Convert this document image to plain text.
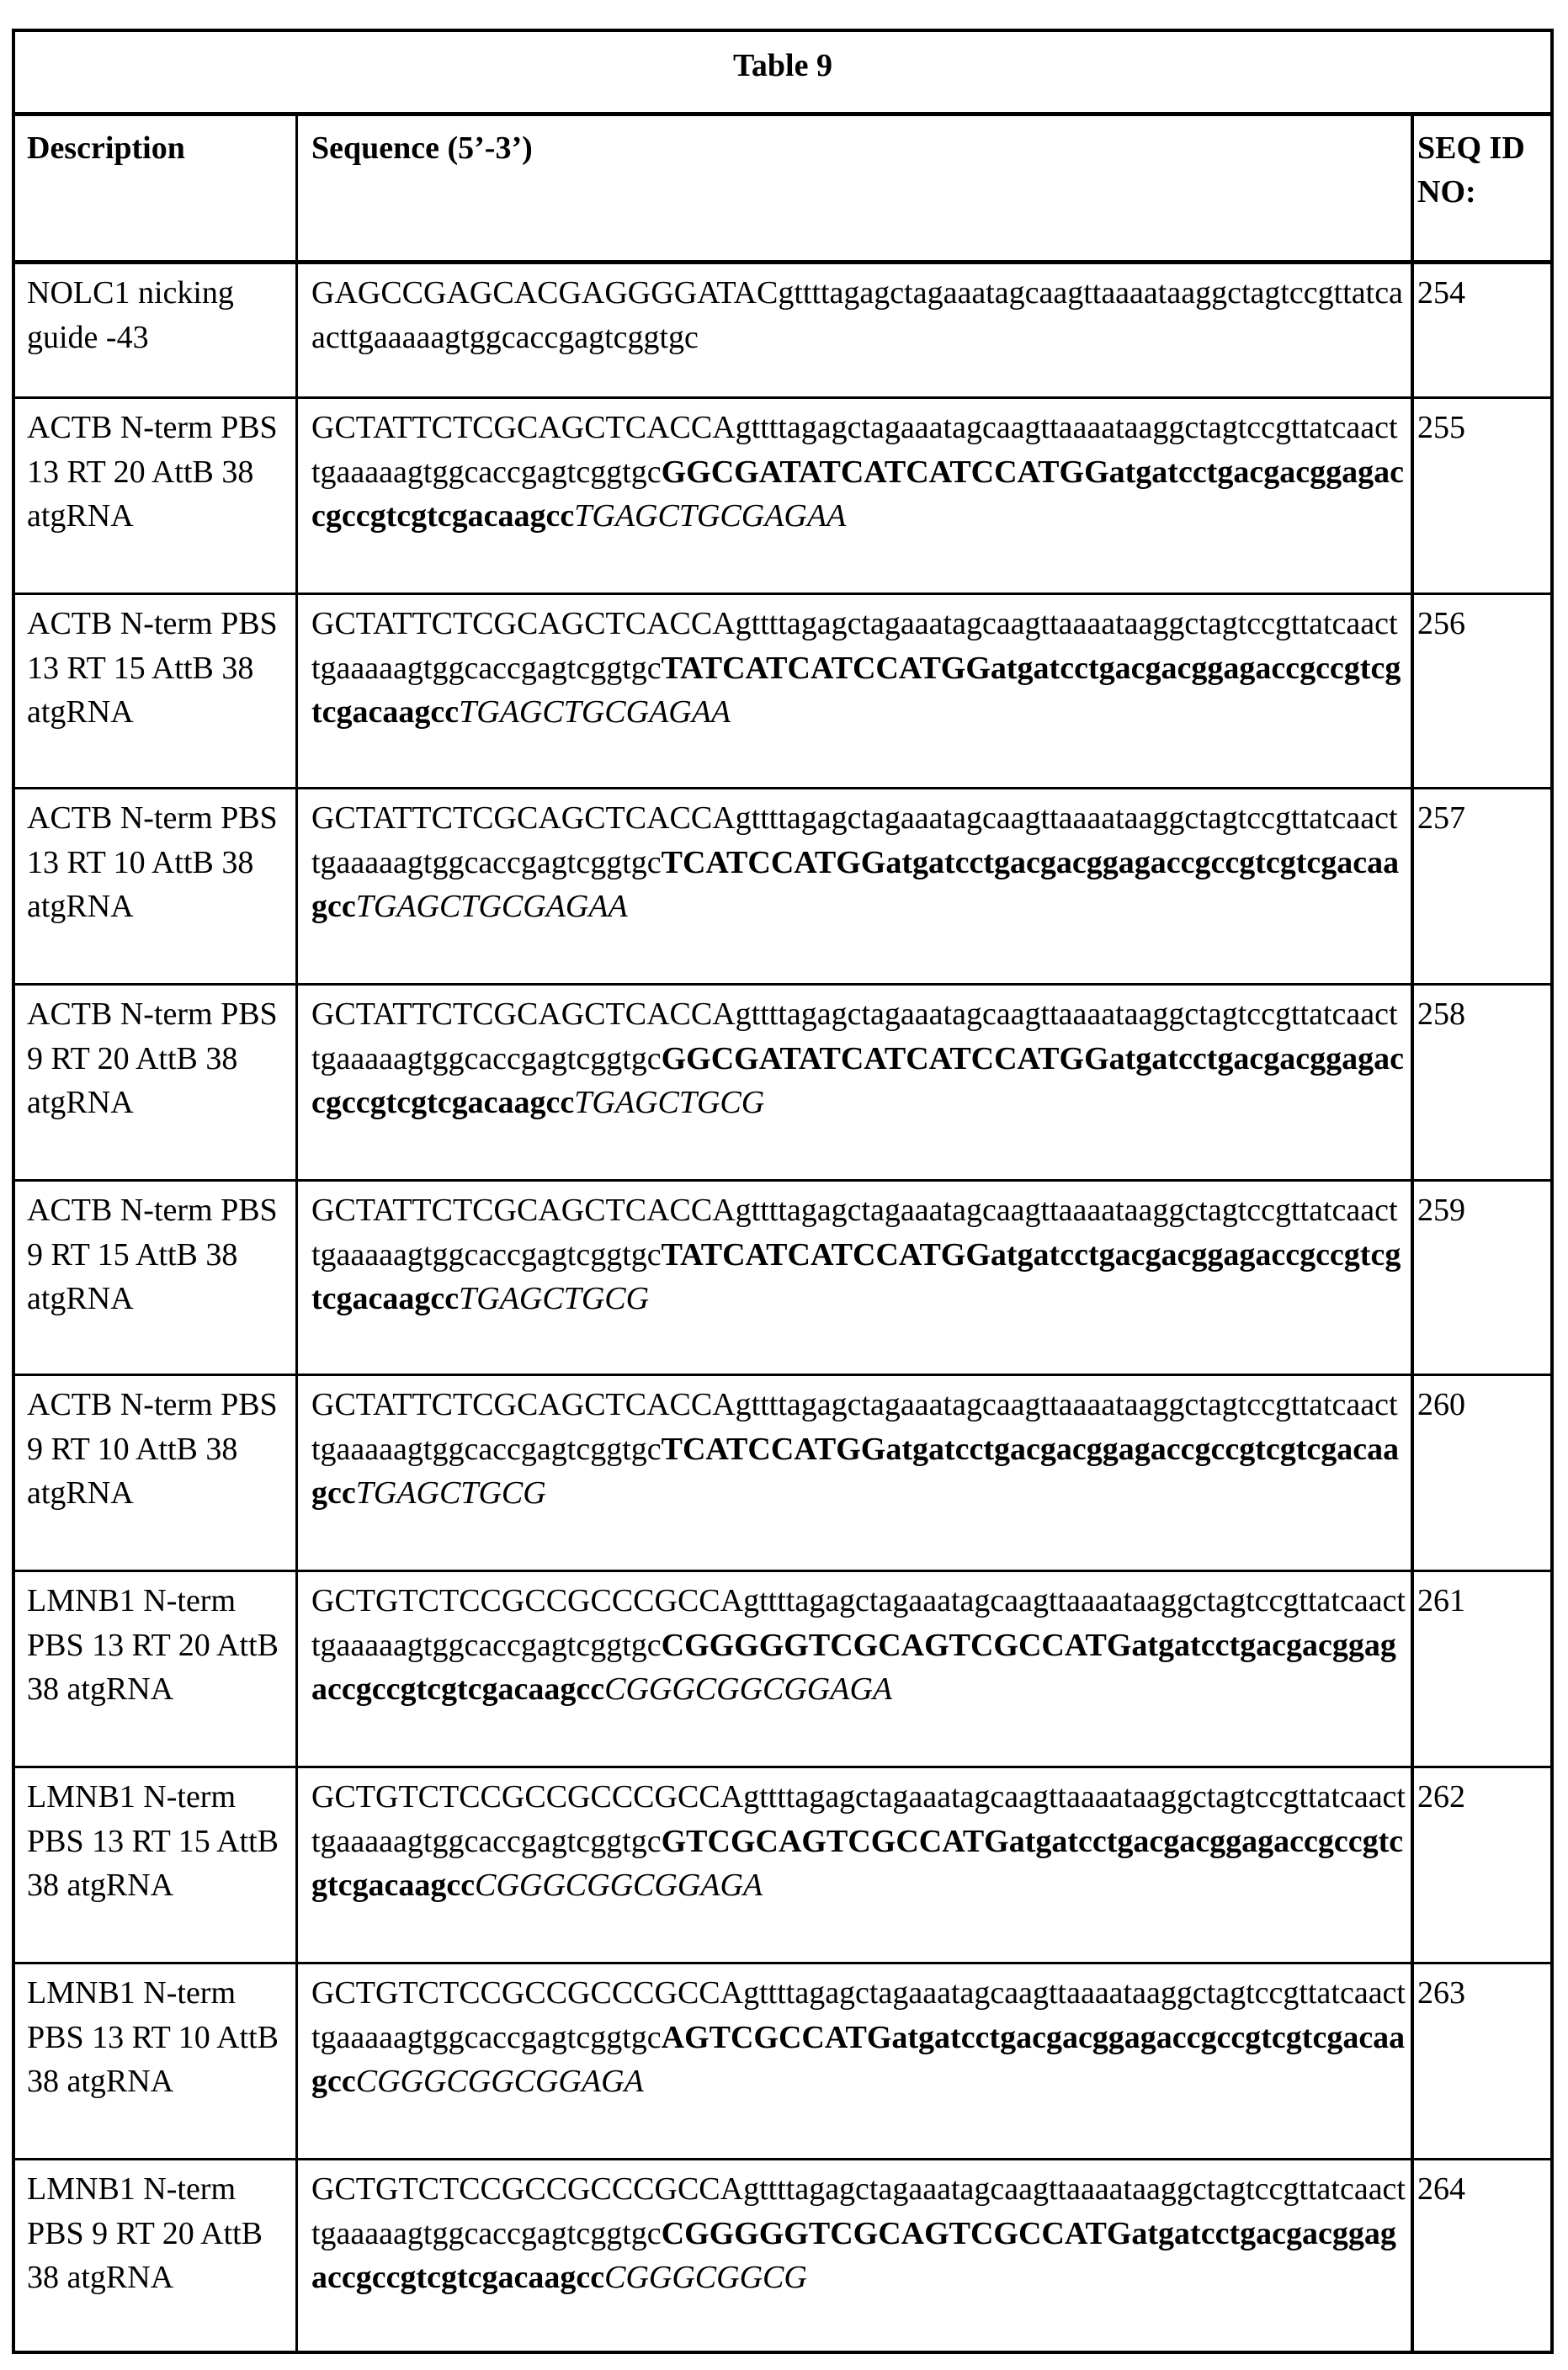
Table 9
Description	Sequence (5’-3’)	SEQ ID NO:
NOLC1 nicking guide -43
GAGCCGAGCACGAGGGGATACgttttagagctagaaatagcaagttaaaataaggctagtccgttatcaacttgaaaaagtggcaccgagtcggtgc
254
ACTB N-term PBS 13 RT 20 AttB 38 atgRNA
GCTATTCTCGCAGCTCACCAgttttagagctagaaatagcaagttaaaataaggctagtccgttatcaacttgaaaaagtggcaccgagtcggtgcGGCGATATCATCATCCATGGatgatcctgacgacggagaccgccgtcgtcgacaagccTGAGCTGCGAGAA
255
ACTB N-term PBS 13 RT 15 AttB 38 atgRNA
GCTATTCTCGCAGCTCACCAgttttagagctagaaatagcaagttaaaataaggctagtccgttatcaacttgaaaaagtggcaccgagtcggtgcTATCATCATCCATGGatgatcctgacgacggagaccgccgtcgtcgacaagccTGAGCTGCGAGAA
256
ACTB N-term PBS 13 RT 10 AttB 38 atgRNA
GCTATTCTCGCAGCTCACCAgttttagagctagaaatagcaagttaaaataaggctagtccgttatcaacttgaaaaagtggcaccgagtcggtgcTCATCCATGGatgatcctgacgacggagaccgccgtcgtcgacaagccTGAGCTGCGAGAA
257
ACTB N-term PBS 9 RT 20 AttB 38 atgRNA
GCTATTCTCGCAGCTCACCAgttttagagctagaaatagcaagttaaaataaggctagtccgttatcaacttgaaaaagtggcaccgagtcggtgcGGCGATATCATCATCCATGGatgatcctgacgacggagaccgccgtcgtcgacaagccTGAGCTGCG
258
ACTB N-term PBS 9 RT 15 AttB 38 atgRNA
GCTATTCTCGCAGCTCACCAgttttagagctagaaatagcaagttaaaataaggctagtccgttatcaacttgaaaaagtggcaccgagtcggtgcTATCATCATCCATGGatgatcctgacgacggagaccgccgtcgtcgacaagccTGAGCTGCG
259
ACTB N-term PBS 9 RT 10 AttB 38 atgRNA
GCTATTCTCGCAGCTCACCAgttttagagctagaaatagcaagttaaaataaggctagtccgttatcaacttgaaaaagtggcaccgagtcggtgcTCATCCATGGatgatcctgacgacggagaccgccgtcgtcgacaagccTGAGCTGCG
260
LMNB1 N-term PBS 13 RT 20 AttB 38 atgRNA
GCTGTCTCCGCCGCCCGCCAgttttagagctagaaatagcaagttaaaataaggctagtccgttatcaacttgaaaaagtggcaccgagtcggtgcCGGGGGTCGCAGTCGCCATGatgatcctgacgacggagaccgccgtcgtcgacaagccCGGGCGGCGGAGA
261
LMNB1 N-term PBS 13 RT 15 AttB 38 atgRNA
GCTGTCTCCGCCGCCCGCCAgttttagagctagaaatagcaagttaaaataaggctagtccgttatcaacttgaaaaagtggcaccgagtcggtgcGTCGCAGTCGCCATGatgatcctgacgacggagaccgccgtcgtcgacaagccCGGGCGGCGGAGA
262
LMNB1 N-term PBS 13 RT 10 AttB 38 atgRNA
GCTGTCTCCGCCGCCCGCCAgttttagagctagaaatagcaagttaaaataaggctagtccgttatcaacttgaaaaagtggcaccgagtcggtgcAGTCGCCATGatgatcctgacgacggagaccgccgtcgtcgacaagccCGGGCGGCGGAGA
263
LMNB1 N-term PBS 9 RT 20 AttB 38 atgRNA
GCTGTCTCCGCCGCCCGCCAgttttagagctagaaatagcaagttaaaataaggctagtccgttatcaacttgaaaaagtggcaccgagtcggtgcCGGGGGTCGCAGTCGCCATGatgatcctgacgacggagaccgccgtcgtcgacaagccCGGGCGGCG
264
